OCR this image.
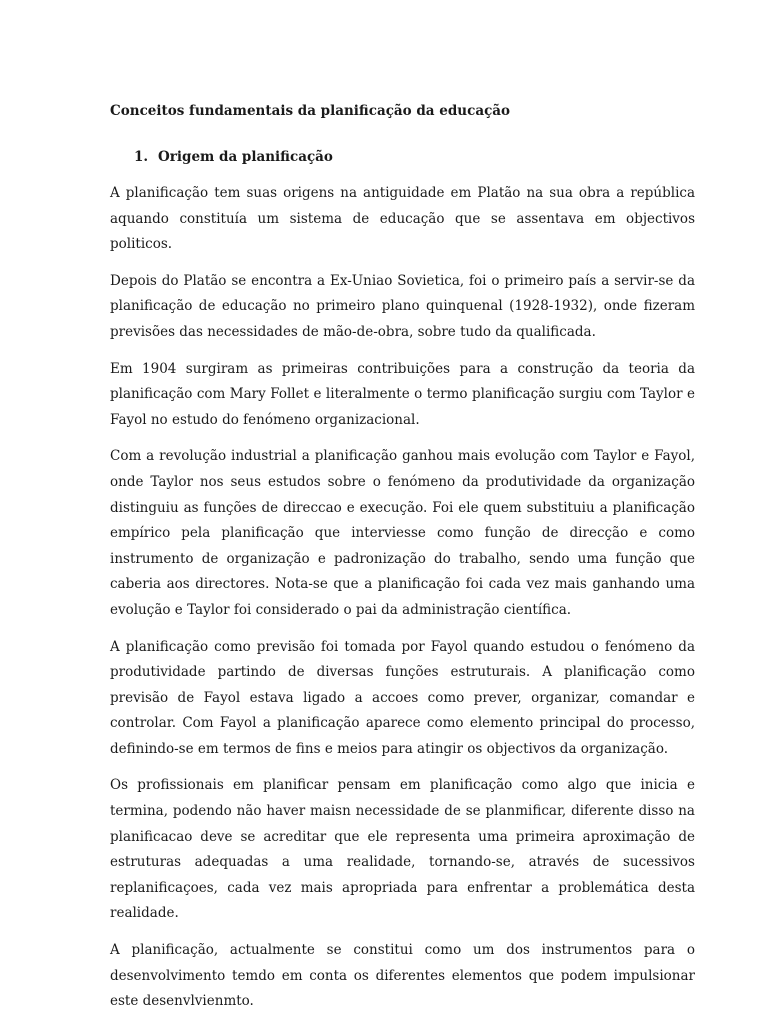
Conceitos fundamentais da planificação da educação

1. Origem da planificação

A planificação tem suas origens na antiguidade em Platão na sua obra a república aquando constituía um sistema de educação que se assentava em objectivos politicos.

Depois do Platão se encontra a Ex-Uniao Sovietica, foi o primeiro país a servir-se da planificação de educação no primeiro plano quinquenal (1928-1932), onde fizeram previsões das necessidades de mão-de-obra, sobre tudo da qualificada.

Em 1904 surgiram as primeiras contribuições para a construção da teoria da planificação com Mary Follet e literalmente o termo planificação surgiu com Taylor e Fayol no estudo do fenómeno organizacional.

Com a revolução industrial a planificação ganhou mais evolução com Taylor e Fayol, onde Taylor nos seus estudos sobre o fenómeno da produtividade da organização distinguiu as funções de direccao e execução. Foi ele quem substituiu a planificação empírico pela planificação que interviesse como função de direcção e como instrumento de organização e padronização do trabalho, sendo uma função que caberia aos directores. Nota-se que a planificação foi cada vez mais ganhando uma evolução e Taylor foi considerado o pai da administração científica.

A planificação como previsão foi tomada por Fayol quando estudou o fenómeno da produtividade partindo de diversas funções estruturais. A planificação como previsão de Fayol estava ligado a accoes como prever, organizar, comandar e controlar. Com Fayol a planificação aparece como elemento principal do processo, definindo-se em termos de fins e meios para atingir os objectivos da organização.

Os profissionais em planificar pensam em planificação como algo que inicia e termina, podendo não haver maisn necessidade de se planmificar, diferente disso na planificacao deve se acreditar que ele representa uma primeira aproximação de estruturas adequadas a uma realidade, tornando-se, através de sucessivos replanificaçoes, cada vez mais apropriada para enfrentar a problemática desta realidade.

A planificação, actualmente se constitui como um dos instrumentos para o desenvolvimento temdo em conta os diferentes elementos que podem impulsionar este desenvlvienmto.
